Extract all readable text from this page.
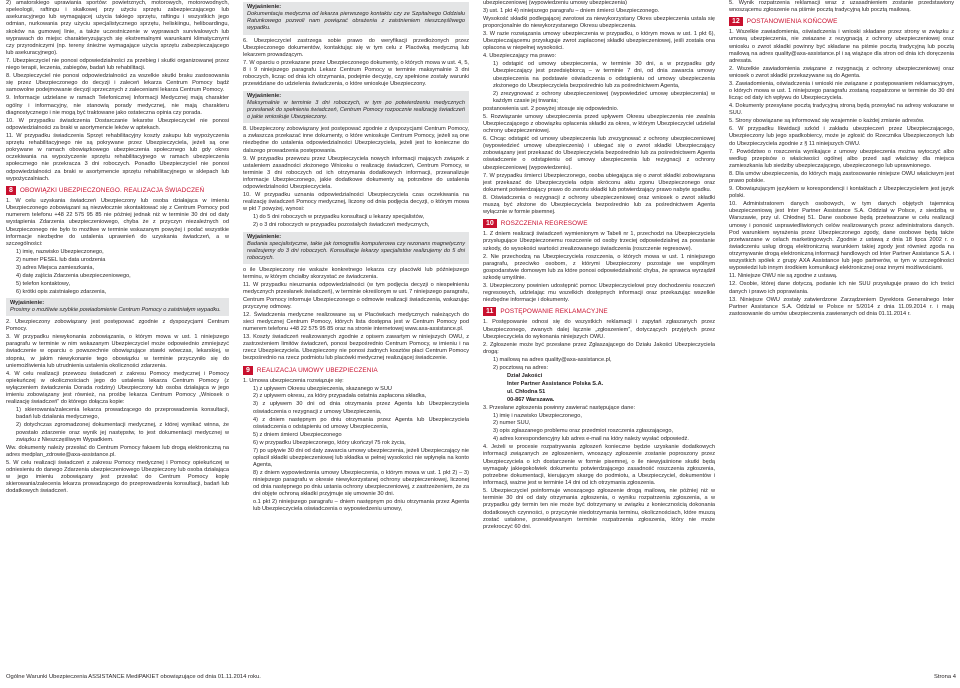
2) amatorskiego uprawiania sportów: powietrznych, motorowych, motorowodnych, speleologii, raftingu i skałkowej przy użyciu sprzętu zabezpieczającego lub asekuracyjnego lub wymagającej użycia takiego sprzętu, raftingu i wszystkich jego odmian, nurkowania przy użyciu specjalistycznego sprzętu, heliskiingu, heliboardingu, skoków na gumowej linie, a także uczestniczenie w wyprawach survivalowych lub wyprawach do miejsc charakteryzujących się ekstremalnymi warunkami klimatycznymi czy przyrodniczymi (np. tereny śnieżne wymagające użycia sprzętu zabezpieczającego lub asekuracyjnego).
7. Ubezpieczyciel nie ponosi odpowiedzialności za przebieg i skutki organizowanej przez niego terapii, leczenia, zabiegów, badań lub rehabilitacji.
8. Ubezpieczyciel nie ponosi odpowiedzialności za wszelkie skutki braku zastosowania się przez Ubezpieczonego do decyzji i zaleceń lekarza Centrum Pomocy bądź samowolne podejmowanie decyzji sprzecznych z zaleceniami lekarza Centrum Pomocy.
9. Informacje udzielane w ramach Telefonicznej Informacji Medycznej mają charakter ogólny i informacyjny, nie stanowią porady medycznej, nie mają charakteru diagnostycznego i nie mogą być traktowane jako ostateczna opinia czy porada.
10. W przypadku świadczenia Dostarczanie lekarstw Ubezpieczyciel nie ponosi odpowiedzialności za braki w asortymencie leków w aptekach.
11. W przypadku świadczenia Sprzęt rehabilitacyjny koszty zakupu lub wypożyczenia sprzętu rehabilitacyjnego nie są pokrywane przez Ubezpieczyciela, jeżeli są one pokrywane w ramach obowiązkowego ubezpieczenia społecznego lub gdy okres oczekiwania na wypożyczenie sprzętu rehabilitacyjnego w ramach ubezpieczenia społecznego nie przekracza 3 dni roboczych. Ponadto Ubezpieczyciel nie ponosi odpowiedzialności za braki w asortymencie sprzętu rehabilitacyjnego w sklepach lub wypożyczalniach.
8	OBOWIĄZKI UBEZPIECZONEGO. REALIZACJA ŚWIADCZEŃ
1. W celu uzyskania świadczeń Ubezpieczony lub osoba działająca w imieniu Ubezpieczonego zobowiązani są niezwłocznie skontaktować się z Centrum Pomocy pod numerem telefonu +48 22 575 95 85 nie później jednak niż w terminie 30 dni od daty wystąpienia Zdarzenia ubezpieczeniowego, chyba że z przyczyn niezależnych od Ubezpieczonego nie było to możliwe w terminie wskazanym powyżej i podać wszystkie informacje niezbędne do ustalenia uprawnień do uzyskania świadczeń, a w szczególności:
1) imię, nazwisko Ubezpieczonego,
2) numer PESEL lub data urodzenia
3) adres Miejsca zamieszkania,
4) datę zajścia Zdarzenia ubezpieczeniowego,
5) telefon kontaktowy,
6) krótki opis zaistniałego zdarzenia,
Wyjaśnienie:
Prosimy o możliwie szybkie powiadomienie Centrum Pomocy o zaistniałym wypadku.
2. Ubezpieczony zobowiązany jest postępować zgodnie z dyspozycjami Centrum Pomocy.
3. W przypadku niewykonania zobowiązania, o którym mowa w ust. 1 niniejszego paragrafu w terminie w nim wskazanym Ubezpieczyciel może odpowiednio zmniejszyć świadczenie w oparciu o powszechnie obowiązujące stawki wówczas, lekarskiej, w stopniu, w jakim niewykonanie tego obowiązku w terminie przyczyniło się do uniemożliwienia lub utrudnienia ustalenia okoliczności zdarzenia.
4. W celu realizacji przewozu świadczeń z zakresu Pomocy medycznej i Pomocy opiekuńczej w okolicznościach jego do ustalenia lekarza Centrum Pomocy (z wyłączeniem świadczenia Dorada rodziny) Ubezpieczony lub osoba działająca w jego imieniu zobowiązany jest również, na prośbę lekarza Centrum Pomocy „Wniosek o realizację świadczeń” do którego dołącza kopie:
1) skierowania/zalecenia lekarza prowadzącego do przeprowadzenia konsultacji, badań lub działania medycznego,
2) dotychczas zgromadzonej dokumentacji medycznej, z której wynikać winna, że powstało zdarzenie oraz wynik jej następstw, to jest dokumentacji medycznej w związku z Nieszczęśliwym Wypadkiem.
Ww. dokumenty należy przesłać do Centrum Pomocy faksem lub drogą elektroniczną na adres medplan_zdrowie@axa-assistance.pl.
5. W celu realizacji świadczeń z zakresu Pomocy medycznej i Pomocy opiekuńczej w odniesieniu do danego Zdarzenia ubezpieczeniowego Ubezpieczony lub osoba działająca w jego imieniu zobowiązany jest przesłać do Centrum Pomocy kopię skierowania/zalecenia lekarza prowadzącego do przeprowadzenia konsultacji, badań lub dodatkowych świadczeń.
Wyjaśnienie:
Dokumentacja medyczna od lekarza pierwszego kontaktu czy ze Szpitalnego Oddziału Ratunkowego pozwoli nam powiązać obrażenia z zaistnieniem nieszczęśliwego wypadku.
6. Ubezpieczyciel zastrzega sobie prawo do weryfikacji przedłożonych przez Ubezpieczonego dokumentów, kontaktując się w tym celu z Placówką medyczną lub lekarzem prowadzącym.
7. W oparciu o przekazane przez Ubezpieczonego dokumenty, o których mowa w ust. 4, 5, 8 i 9 niniejszego paragrafu Lekarz Centrum Pomocy w terminie maksymalnie 3 dni roboczych, licząc od dnia ich otrzymania, podejmie decyzję, czy spełnione zostały warunki przewidziane do udzielenia świadczenia, o które wnioskuje Ubezpieczony.
Wyjaśnienie:
Maksymalnie w terminie 3 dni roboczych, w tym po potwierdzeniu medycznych przesłanek do spełnienia świadczeń, Centrum Pomocy rozpocznie realizację świadczeń o jakie wnioskuje Ubezpieczony.
8. Ubezpieczony zobowiązany jest postępować zgodnie z dyspozycjami Centrum Pomocy, a zwłaszcza przekazać inne dokumenty, o które wnioskuje Centrum Pomocy, jeżeli są one niezbędne do ustalenia odpowiedzialności Ubezpieczyciela, jeżeli jest to konieczne do dalszego prowadzenia postępowania.
9. W przypadku przewozu przez Ubezpieczyciela nowych informacji mających związek z ustaleniem zasadności złożonego Wniosku o realizację świadczeń, Centrum Pomocy, w terminie 3 dni roboczych od ich otrzymania dodatkowych informacji, przeanalizuje informacje Ubezpieczonego, jakie dodatkowe dokumenty są potrzebne do ustalenia odpowiedzialności Ubezpieczyciela.
10. W przypadku uznania odpowiedzialności Ubezpieczyciela czas oczekiwania na realizację świadczeń Pomocy medycznej, liczony od dnia podjęcia decyzji, o którym mowa w pkt 7 powyżej, wynosi:
1) do 5 dni roboczych w przypadku konsultacji u lekarzy specjalistów,
2) o 3 dni roboczych w przypadku pozostałych świadczeń medycznych,
Wyjaśnienie:
Badania specjalistyczne, takie jak tomografia komputerowa czy rezonans magnetyczny realizujemy do 3 dni roboczych. Konsultacje lekarzy specjalistów realizujemy do 5 dni roboczych.
o ile Ubezpieczony nie wskaże konkretnego lekarza czy placówki lub późniejszego terminu, w którym chciałby skorzystać ze świadczenia.
11. W przypadku nieuznania odpowiedzialności (w tym podjęcia decyzji o niespełnieniu medycznych przesłanek świadczeń), w terminie określonym w ust. 7 niniejszego paragrafu, Centrum Pomocy informuje Ubezpieczonego o odmowie realizacji świadczenia, wskazując przyczynę odmowy.
12. Świadczenia medyczne realizowane są w Placówkach medycznych należących do sieci medycznej Centrum Pomocy, których lista dostępna jest w Centrum Pomocy pod numerem telefonu +48 22 575 95 85 oraz na stronie internetowej www.axa-assistance.pl.
13. Koszty świadczeń realizowanych zgodnie z opisem zawartym w niniejszych OWU, z zastrzeżeniem limitów świadczeń, ponosi bezpośrednio Centrum Pomocy, w imieniu i na rzecz Ubezpieczyciela. Ubezpieczony nie ponosi żadnych kosztów płaci Centrum Pomocy bezpośrednio na rzecz podmiotu lub placówki medycznej realizującej świadczenie.
9	REALIZACJA UMOWY UBEZPIECZENIA
1. Umowa ubezpieczenia rozwiązuje się:
1) z upływem Okresu ubezpieczenia, skazanego w SUU
2) z upływem okresu, za który przypadała ostatnia zapłacona składka,
3) z upływem 30 dni od dnia otrzymania przez Agenta lub Ubezpieczyciela oświadczenia o rezygnacji z umowy Ubezpieczenia,
4) z dniem następnym po dniu otrzymania przez Agenta lub Ubezpieczyciela oświadczenia o odstąpieniu od umowy Ubezpieczenia,
5) z dniem śmierci Ubezpieczonego
6) w przypadku Ubezpieczonego, który ukończył 75 rok życia,
7) po upływie 30 dni od daty zawarcia umowy ubezpieczenia, jeżeli Ubezpieczający nie opłacił składki ubezpieczeniowej lub składka w pełnej wysokości nie wpłynęła na konto Agenta,
8) z dniem wypowiedzenia umowy Ubezpieczenia, o którym mowa w ust. 1 pkt 2) – 3) niniejszego paragrafu w okresie niewykorzystanej ochrony ubezpieczeniowej, liczonej od dnia następnego po dniu ustania ochrony ubezpieczeniowej, z zastrzeżeniem, że za dni objęte ochroną składki przyjmuje się umownie 30 dni.
o.1 pkt 2) niniejszego paragrafu – dniem następnym po dniu otrzymania przez Agenta lub Ubezpieczyciela oświadczenia o wypowiedzeniu umowy,
ubezpieczeniowej (wypowiedzeniu umowy ubezpieczenia)
3) ust. 1 pkt 4) niniejszego paragrafu – dniem śmierci Ubezpieczonego.
Wysokość składki podlegającej zwrotowi za niewykorzystany Okres ubezpieczenia ustala się proporcjonalnie do niewykorzystanego Okresu ubezpieczenia.
3. W razie rozwiązania umowy ubezpieczenia w przypadku, o którym mowa w ust. 1 pkt 6), Ubezpieczającemu przysługuje zwrot zapłaconej składki ubezpieczeniowej, jeśli została ona opłacona w niepełnej wysokości.
4. Ubezpieczający ma prawo:
1) odstąpić od umowy ubezpieczenia, w terminie 30 dni, a w przypadku gdy Ubezpieczający jest przedsiębiorcą – w terminie 7 dni, od dnia zawarcia umowy ubezpieczenia na podstawie oświadczenia o odstąpieniu od umowy ubezpieczenia złożonego do Ubezpieczyciela bezpośrednio lub za pośrednictwem Agenta,
2) zrezygnować z ochrony ubezpieczeniowej (wypowiedzieć umowę ubezpieczenia) w każdym czasie jej trwania;
postanowienia ust. 2 powyżej stosuje się odpowiednio.
5. Rozwiązanie umowy ubezpieczenia przed upływem Okresu ubezpieczenia nie zwalnia Ubezpieczającego z obowiązku opłacenia składki za okres, w którym Ubezpieczyciel udzielał ochrony ubezpieczeniowej.
6. Chcąc odstąpić od umowy ubezpieczenia lub zrezygnować z ochrony ubezpieczeniowej (wypowiedzieć umowę ubezpieczenia) i ubiegać się o zwrot składki Ubezpieczający zobowiązany jest przekazać do Ubezpieczyciela bezpośrednio lub za pośrednictwem Agenta oświadczenie o odstąpieniu od umowy ubezpieczenia lub rezygnacji z ochrony ubezpieczeniowej (wypowiedzeniu).
7. W przypadku śmierci Ubezpieczonego, osoba ubiegająca się o zwrot składki zobowiązana jest przekazać do Ubezpieczyciela odpis skróconu aktu zgonu Ubezpieczonego oraz dokument potwierdzający prawo do zwrotu składki lub potwierdzający prawo nabyte spadku.
8. Oświadczenia o rezygnacji z ochrony ubezpieczeniowej oraz wniosek o zwrot składki muszą być złożone do Ubezpieczyciela bezpośrednio lub za pośrednictwem Agenta wyłącznie w formie pisemnej.
10	ROSZCZENIA REGRESOWE
1. Z dniem realizacji świadczeń wymienionym w Tabeli nr 1, przechodzi na Ubezpieczyciela przysługujące Ubezpieczonemu roszczenie od osoby trzeciej odpowiedzialnej za powstanie szkody, do wysokości wartości zrealizowanego świadczenia (roszczenie regresowe).
2. Nie przechodzą na Ubezpieczyciela roszczenia, o których mowa w ust. 1 niniejszego paragrafu, przeciwko osobom, z którymi Ubezpieczony pozostaje we wspólnym gospodarstwie domowym lub za które ponosi odpowiedzialność chyba, że sprawca wyrządził szkodę umyślnie.
3. Ubezpieczony powinien udostępnić pomoc Ubezpieczycielowi przy dochodzeniu roszczeń regresowych, udzielając mu wszelkich dostępnych informacji oraz przekazując wszelkie niezbędne informacje i dokumenty.
11	POSTĘPOWANIE REKLAMACYJNE
1. Postępowanie odnosi się do wszystkich reklamacji i zapytań zgłaszanych przez Ubezpieczonego, zwanych dalej łącznie „zgłoszeniem”, dotyczących przyjętych przez Ubezpieczyciela do wykonania niniejszych OWU.
2. Zgłoszenie może być przesłane przez Zgłaszającego do Działu Jakości Ubezpieczyciela drogą:
1) mailową na adres quality@axa-assistance.pl,
2) pocztową na adres:
Dział Jakości
Inter Partner Assistance Polska S.A.
ul. Chłodna 51
00-867 Warszawa.
3. Przesłane zgłoszenia powinny zawierać następujące dane:
1) imię i nazwisko Ubezpieczonego,
2) numer SUU,
3) opis zgłaszanego problemu oraz przedmiot roszczenia zgłaszającego,
4) adres korespondencyjny lub adres e-mail na który należy wysłać odpowiedź.
4. Jeżeli w procesie rozpatrywania zgłoszeń konieczne będzie uzyskanie dodatkowych informacji związanych ze zgłoszeniem, wnoszący zgłoszenie zostanie poproszony przez Ubezpieczyciela o ich dostarczenie w formie pisemnej, o ile niewyjaśnione skutki będą wymagały jakiegokolwiek dokumentu potwierdzającego zasadność roszczenia zgłoszenia, potrzebne dokumentacji, kierującym skargę do podmiotu, a Ubezpieczyciel, dokumentów i informacji, ważne jest w terminie 14 dni od ich otrzymania zgłoszenia.
5. Ubezpieczyciel poinformuje wnoszącego zgłoszenie drogą mailową, nie później niż w terminie 30 dni od daty otrzymania zgłoszenia, o wyniku rozpatrzenia zgłoszenia, a w przypadku gdy termin ten nie może być dotrzymany w związku z koniecznością dokonania dodatkowych czynności, o przyczynie niedotrzymania terminu, okolicznościach, które muszą zostać ustalone, przewidywanym terminie rozpatrzenia zgłoszenia, który nie może przekroczyć 60 dni.
5. Wynik rozpatrzenia reklamacji wraz z uzasadnieniem zostanie przedstawiony wnoszącemu zgłoszenie na piśmie pocztą tradycyjną lub pocztą mailową.
12	POSTANOWIENIA KOŃCOWE
1. Wszelkie zawiadomienia, oświadczenia i wnioski składane przez strony w związku z umową ubezpieczenia, nie zwiazane z rezygnacją z ochrony ubezpieczeniowej oraz wniosku o zwrot składki powinny być składane na piśmie pocztą tradycyjną lub pocztą mailową na adres quality@axa-assistance.pl i są wiążące dla stron od dnia ich doręczenia adresata.
2. Wszelkie zawiadomienia związane z rezygnacją z ochrony ubezpieczeniowej oraz wniosek o zwrot składki przekazywane są do Agenta.
3. Zawiadomienia, oświadczenia i wnioski nie związane z postępowaniem reklamacyjnym, o których mowa w ust. 1 niniejszego paragrafu zostaną rozpatrzone w terminie do 30 dni licząc od daty ich wpływu do Ubezpieczyciela.
4. Dokumenty przesyłane pocztą tradycyjną stroną będą przesyłać na adresy wskazane w SUU.
5. Strony obowiązane są informować się wzajemnie o każdej zmianie adresów.
6. W przypadku likwidacji szkód i zakładu ubezpieczeń przez Ubezpieczającego, Ubezpieczony lub jego spadkobiercy, może je zgłosić do Rzecznika Ubezpieczonych lub do Ubezpieczyciela zgodnie z § 11 niniejszych OWU.
7. Powództwo o roszczenia wynikające z umowy ubezpieczenia można wytoczyć albo według przepisów o właściwości ogólnej albo przed sąd właściwy dla miejsca zamieszkania lub siedziby ubezpieczającego, ubezpieczonego lub uprawnionego.
8. Dla umów ubezpieczenia, do których mają zastosowanie niniejsze OWU właściwym jest prawo polskie.
9. Obowiązującym językiem w korespondencji i kontaktach z Ubezpieczycielem jest język polski.
10. Administratorem danych osobowych, w tym danych objętych tajemnicą ubezpieczeniową jest Inter Partner Assistance S.A. Oddział w Polsce, z siedzibą w Warszawie, przy ul. Chłodnej 51. Dane osobowe będą przetwarzane w celu realizacji umowy i ponosić usprawiedliwionych celów realizowanych przez administratora danych. Pod warunkiem wyrażenia przez Ubezpieczonego zgody, dane osobowe będą także przetwarzane w celach marketingowych. Zgodnie z ustawą z dnia 18 lipca 2002 r. o świadczeniu usług drogą elektroniczną warunkiem takiej zgody jest również zgoda na otrzymywanie drogą elektroniczną informacji handlowych od Inter Partner Assistance S.A. i wszystkich spółek z grupy AXA Assistance lub jego partnerów, w tym w szczególności wypowiedzi lub innym środkiem komunikacji elektronicznej oraz innymi możliwościami.
11. Niniejsze OWU nie są zgodne z ustawą.
12. Osobie, której dane dotyczą, podanie ich nie SUU przysługuje prawo do ich treści danych i prawo ich poprawiania.
13. Niniejsze OWU zostały zatwierdzone Zarządzeniem Dyrektora Generalnego Inter Partner Assistance S.A. Oddział w Polsce nr 5/2014 z dnia 11.09.2014 r. i mają zastosowanie do umów ubezpieczenia zawieranych od dnia 01.11.2014 r.
Ogólne Warunki Ubezpieczenia ASSISTANCE MediPAKIET obowiązujące od dnia 01.11.2014 roku.	Strona 4
